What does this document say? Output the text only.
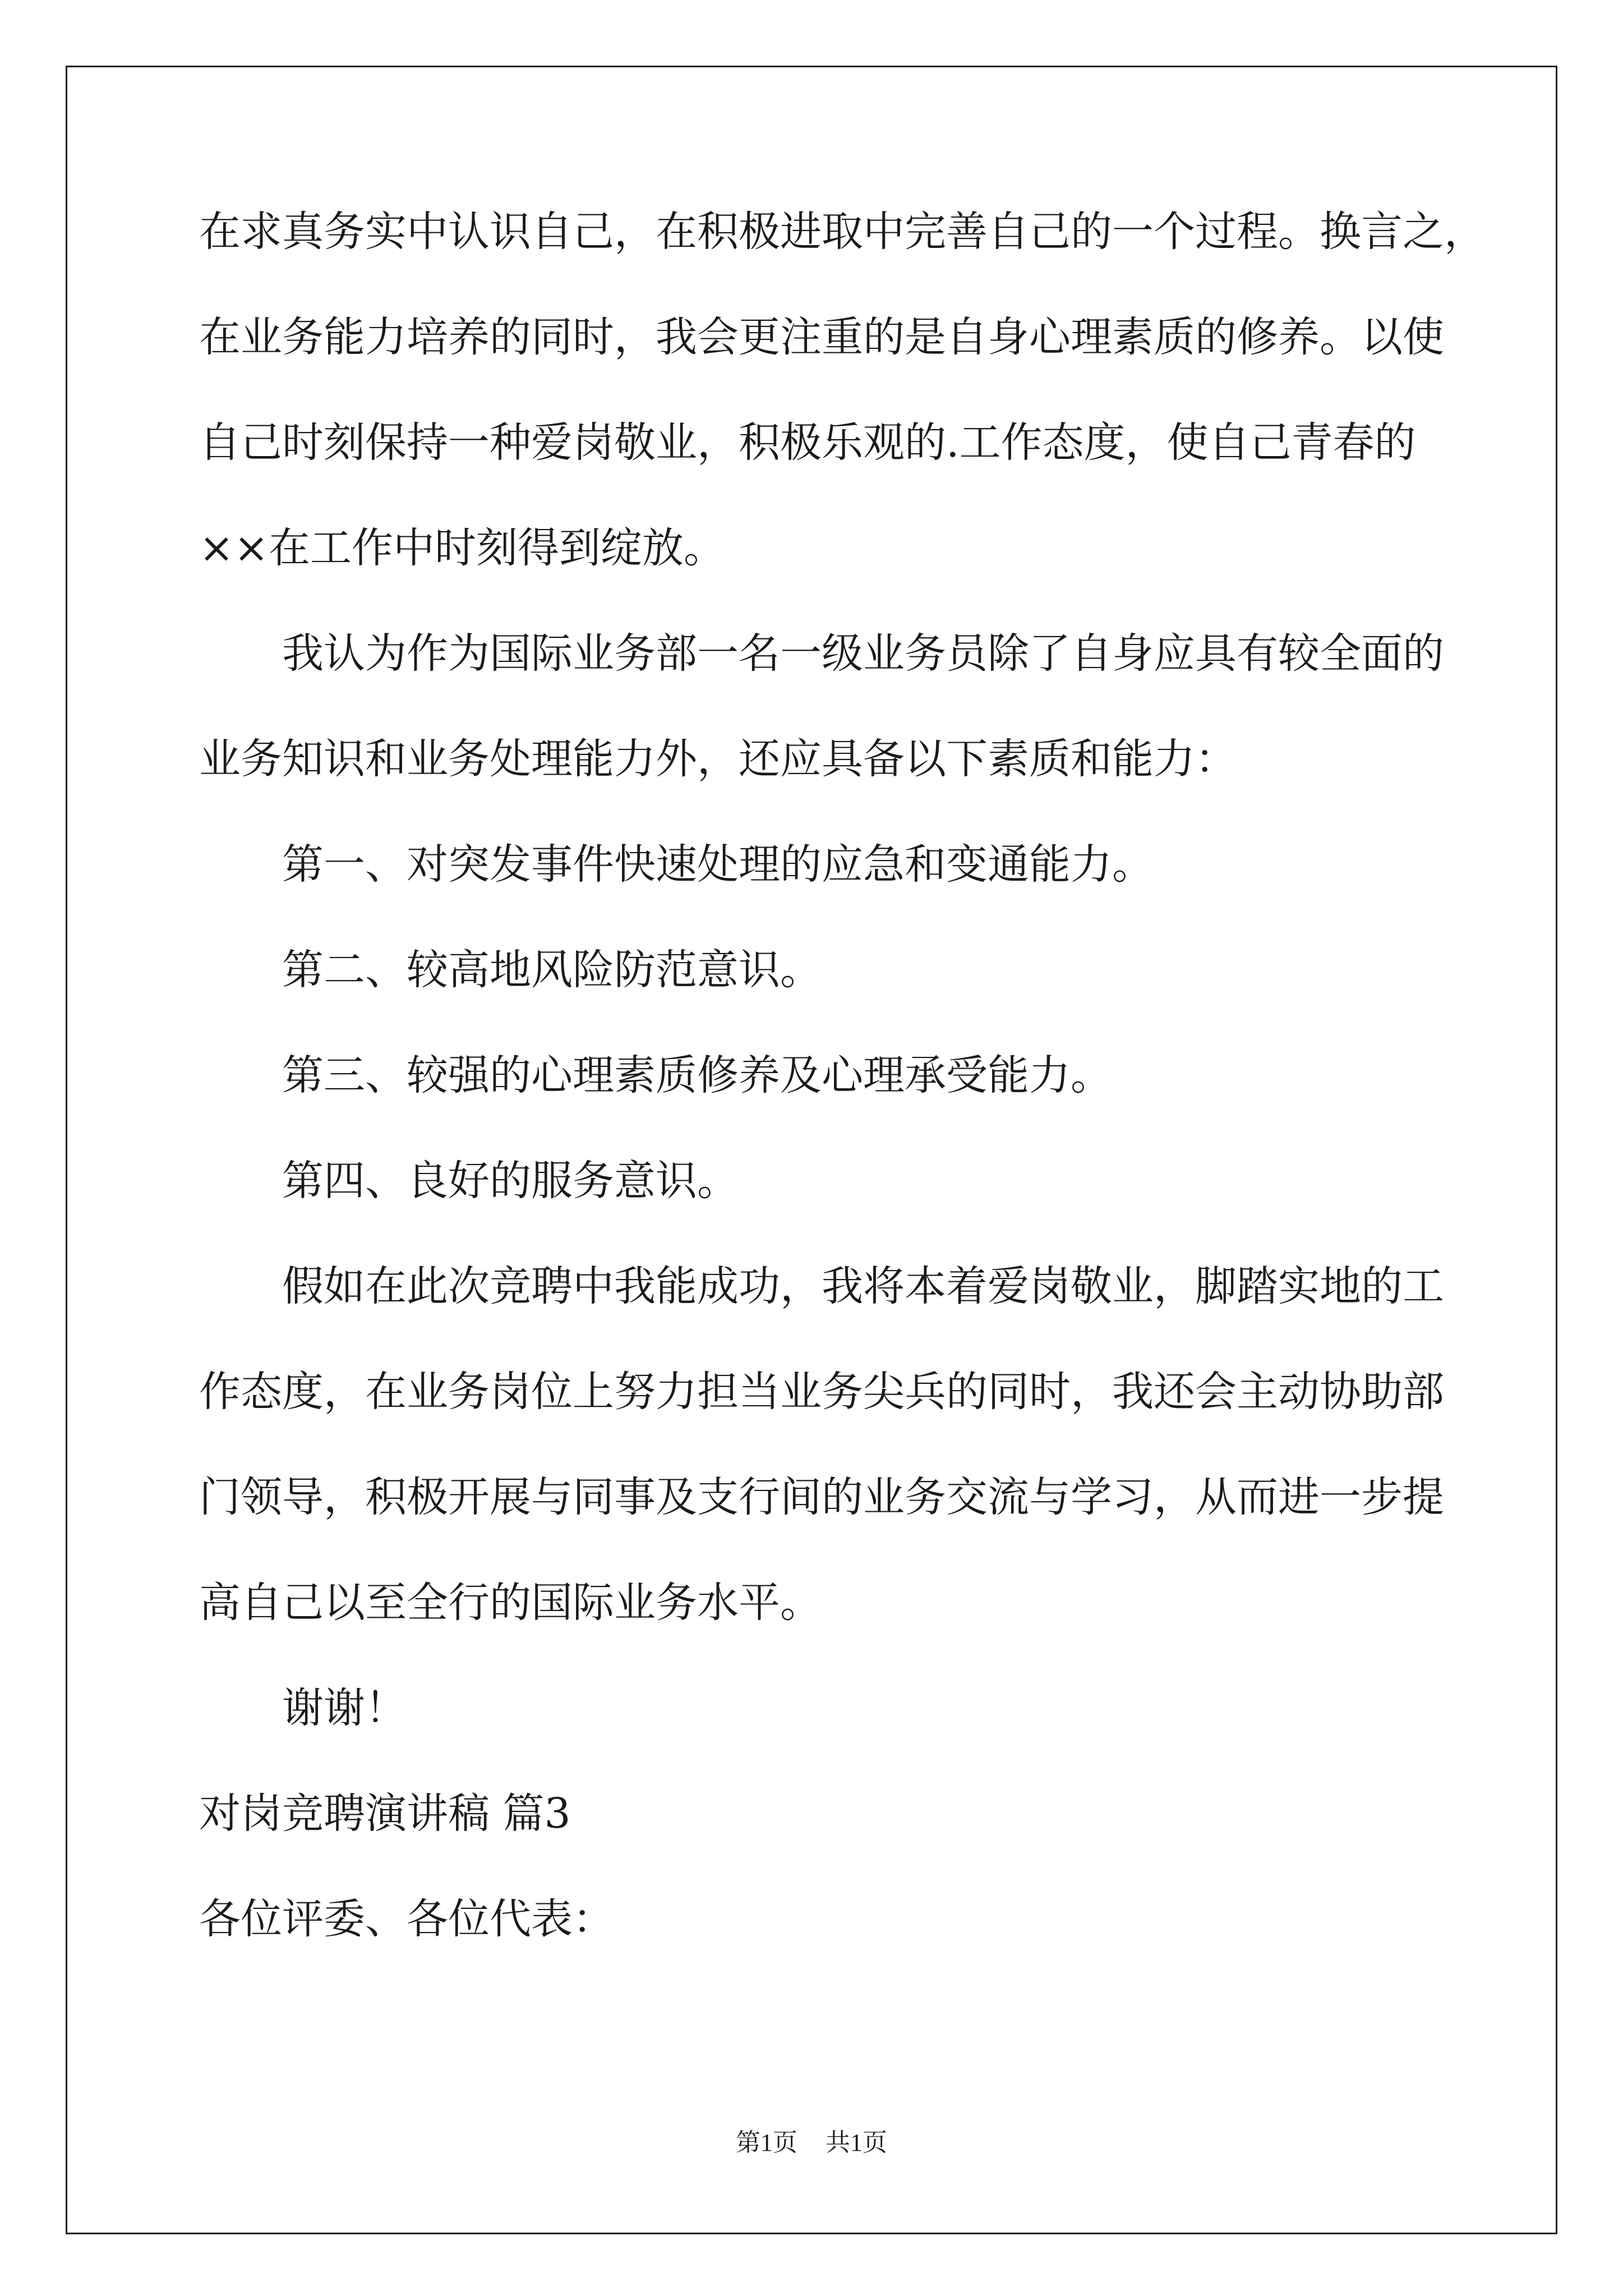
在求真务实中认识自己，在积极进取中完善自己的一个过程。换言之，

在业务能力培养的同时，我会更注重的是自身心理素质的修养。以使

自己时刻保持一种爱岗敬业，积极乐观的.工作态度，使自己青春的

××在工作中时刻得到绽放。

我认为作为国际业务部一名一级业务员除了自身应具有较全面的

业务知识和业务处理能力外，还应具备以下素质和能力：

第一、对突发事件快速处理的应急和变通能力。

第二、较高地风险防范意识。

第三、较强的心理素质修养及心理承受能力。

第四、良好的服务意识。

假如在此次竞聘中我能成功，我将本着爱岗敬业，脚踏实地的工

作态度，在业务岗位上努力担当业务尖兵的同时，我还会主动协助部

门领导，积极开展与同事及支行间的业务交流与学习，从而进一步提

高自己以至全行的国际业务水平。

谢谢！

对岗竞聘演讲稿 篇3

各位评委、各位代表：

第1页 共1页
